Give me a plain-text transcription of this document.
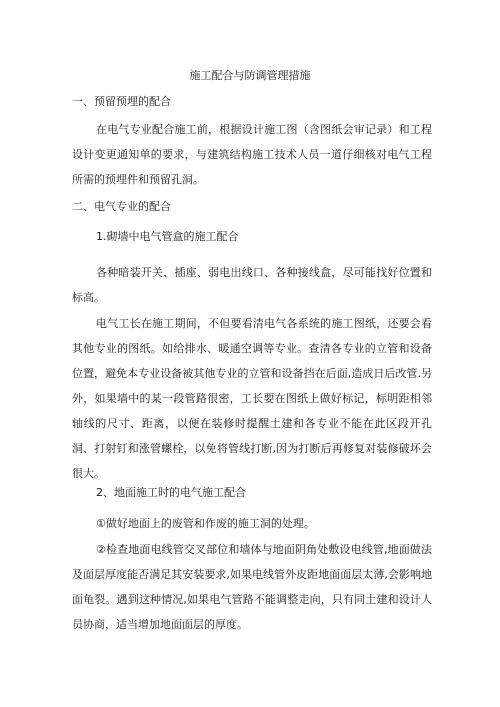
施工配合与防调管理措施
一、预留预埋的配合
在电气专业配合施工前，根据设计施工图（含图纸会审记录）和工程设计变更通知单的要求，与建筑结构施工技术人员一道仔细核对电气工程所需的预埋件和预留孔洞。
二、电气专业的配合
1.砌墙中电气管盒的施工配合
各种暗装开关、插座、弱电出线口、各种接线盒，尽可能找好位置和标高。
电气工长在施工期间，不但要看清电气各系统的施工图纸，还要会看其他专业的图纸。如给排水、暖通空调等专业。查清各专业的立管和设备位置，避免本专业设备被其他专业的立管和设备挡在后面,造成日后改管.另外，如果墙中的某一段管路很密，工长要在图纸上做好标记，标明距相邻轴线的尺寸、距离，以便在装修时提醒土建和各专业不能在此区段开孔洞、打射钉和涨管螺栓，以免将管线打断,因为打断后再修复对装修破坏会很大。
2、地面施工时的电气施工配合
①做好地面上的废管和作废的施工洞的处理。
②检查地面电线管交叉部位和墙体与地面阴角处敷设电线管,地面做法及面层厚度能否满足其安装要求,如果电线管外皮距地面面层太薄,会影响地面龟裂。遇到这种情况,如果电气管路不能调整走向，只有同土建和设计人员协商，适当增加地面面层的厚度。
